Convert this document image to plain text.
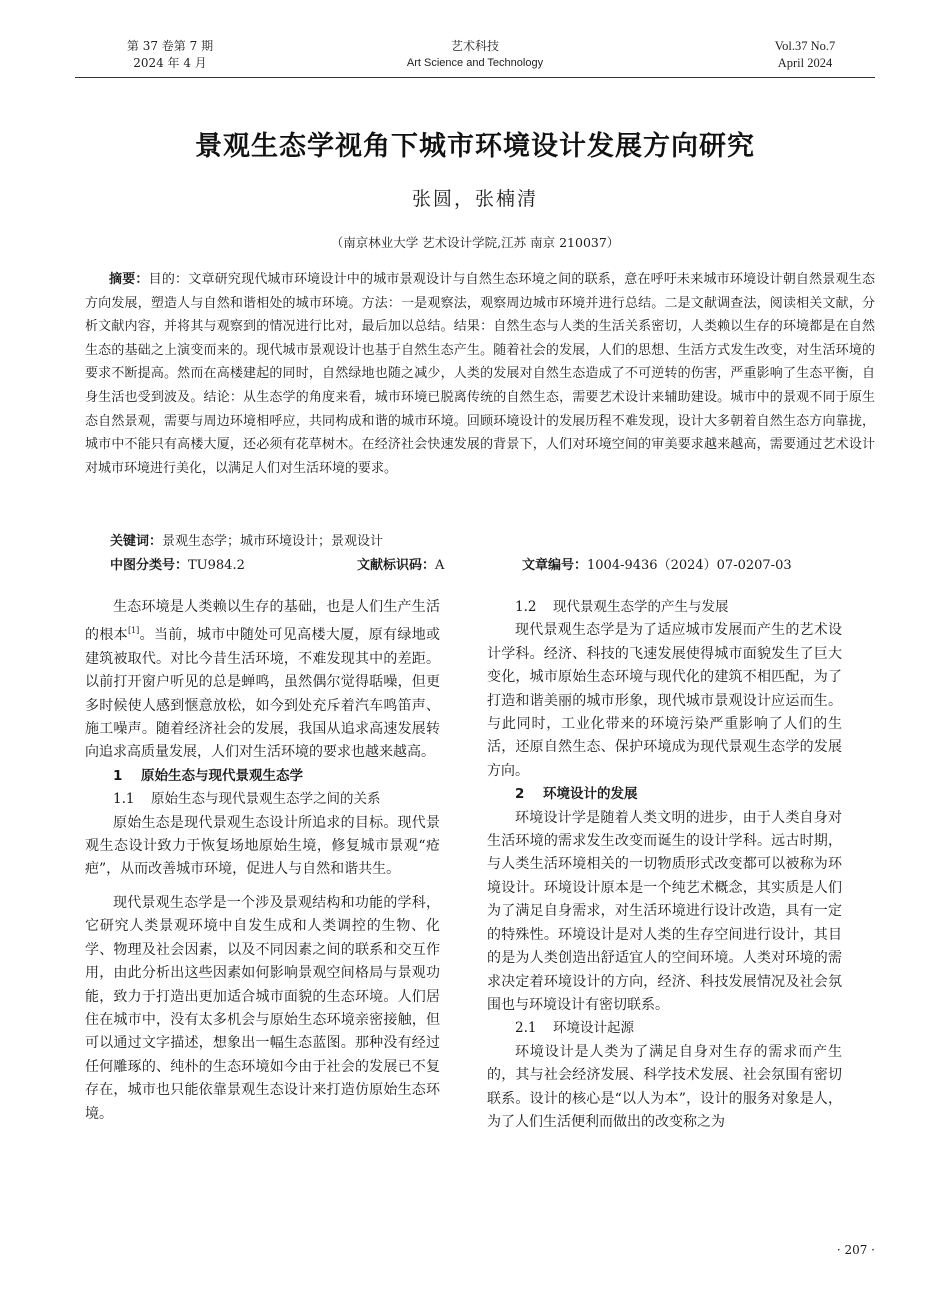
第 37 卷第 7 期
2024 年 4 月
艺术科技
Art Science and Technology
Vol.37 No.7
April 2024
景观生态学视角下城市环境设计发展方向研究
张圆，张楠清
（南京林业大学 艺术设计学院,江苏 南京 210037）

摘要：目的：文章研究现代城市环境设计中的城市景观设计与自然生态环境之间的联系，意在呼吁未来城市环境设计朝自然景观生态方向发展，塑造人与自然和谐相处的城市环境。方法：一是观察法，观察周边城市环境并进行总结。二是文献调查法，阅读相关文献，分析文献内容，并将其与观察到的情况进行比对，最后加以总结。结果：自然生态与人类的生活关系密切，人类赖以生存的环境都是在自然生态的基础之上演变而来的。现代城市景观设计也基于自然生态产生。随着社会的发展，人们的思想、生活方式发生改变，对生活环境的要求不断提高。然而在高楼建起的同时，自然绿地也随之减少，人类的发展对自然生态造成了不可逆转的伤害，严重影响了生态平衡，自身生活也受到波及。结论：从生态学的角度来看，城市环境已脱离传统的自然生态，需要艺术设计来辅助建设。城市中的景观不同于原生态自然景观，需要与周边环境相呼应，共同构成和谐的城市环境。回顾环境设计的发展历程不难发现，设计大多朝着自然生态方向靠拢，城市中不能只有高楼大厦，还必须有花草树木。在经济社会快速发展的背景下，人们对环境空间的审美要求越来越高，需要通过艺术设计对城市环境进行美化，以满足人们对生活环境的要求。

关键词：景观生态学；城市环境设计；景观设计
中图分类号：TU984.2	文献标识码：A	文章编号：1004-9436（2024）07-0207-03

生态环境是人类赖以生存的基础，也是人们生产生活的根本[1]。当前，城市中随处可见高楼大厦，原有绿地或建筑被取代。对比今昔生活环境，不难发现其中的差距。以前打开窗户听见的总是蝉鸣，虽然偶尔觉得聒噪，但更多时候使人感到惬意放松，如今到处充斥着汽车鸣笛声、施工噪声。随着经济社会的发展，我国从追求高速发展转向追求高质量发展，人们对生活环境的要求也越来越高。

1 原始生态与现代景观生态学
1.1 原始生态与现代景观生态学之间的关系

原始生态是现代景观生态设计所追求的目标。现代景观生态设计致力于恢复场地原始生境，修复城市景观“疮疤”，从而改善城市环境，促进人与自然和谐共生。

现代景观生态学是一个涉及景观结构和功能的学科，它研究人类景观环境中自发生成和人类调控的生物、化学、物理及社会因素，以及不同因素之间的联系和交互作用，由此分析出这些因素如何影响景观空间格局与景观功能，致力于打造出更加适合城市面貌的生态环境。人们居住在城市中，没有太多机会与原始生态环境亲密接触，但可以通过文字描述，想象出一幅生态蓝图。那种没有经过任何雕琢的、纯朴的生态环境如今由于社会的发展已不复存在，城市也只能依靠景观生态设计来打造仿原始生态环境。

1.2 现代景观生态学的产生与发展

现代景观生态学是为了适应城市发展而产生的艺术设计学科。经济、科技的飞速发展使得城市面貌发生了巨大变化，城市原始生态环境与现代化的建筑不相匹配，为了打造和谐美丽的城市形象，现代城市景观设计应运而生。与此同时，工业化带来的环境污染严重影响了人们的生活，还原自然生态、保护环境成为现代景观生态学的发展方向。

2 环境设计的发展

环境设计学是随着人类文明的进步，由于人类自身对生活环境的需求发生改变而诞生的设计学科。远古时期，与人类生活环境相关的一切物质形式改变都可以被称为环境设计。环境设计原本是一个纯艺术概念，其实质是人们为了满足自身需求，对生活环境进行设计改造，具有一定的特殊性。环境设计是对人类的生存空间进行设计，其目的是为人类创造出舒适宜人的空间环境。人类对环境的需求决定着环境设计的方向，经济、科技发展情况及社会氛围也与环境设计有密切联系。

2.1 环境设计起源

环境设计是人类为了满足自身对生存的需求而产生的，其与社会经济发展、科学技术发展、社会氛围有密切联系。设计的核心是“以人为本”，设计的服务对象是人，为了人们生活便利而做出的改变称之为

· 207 ·
